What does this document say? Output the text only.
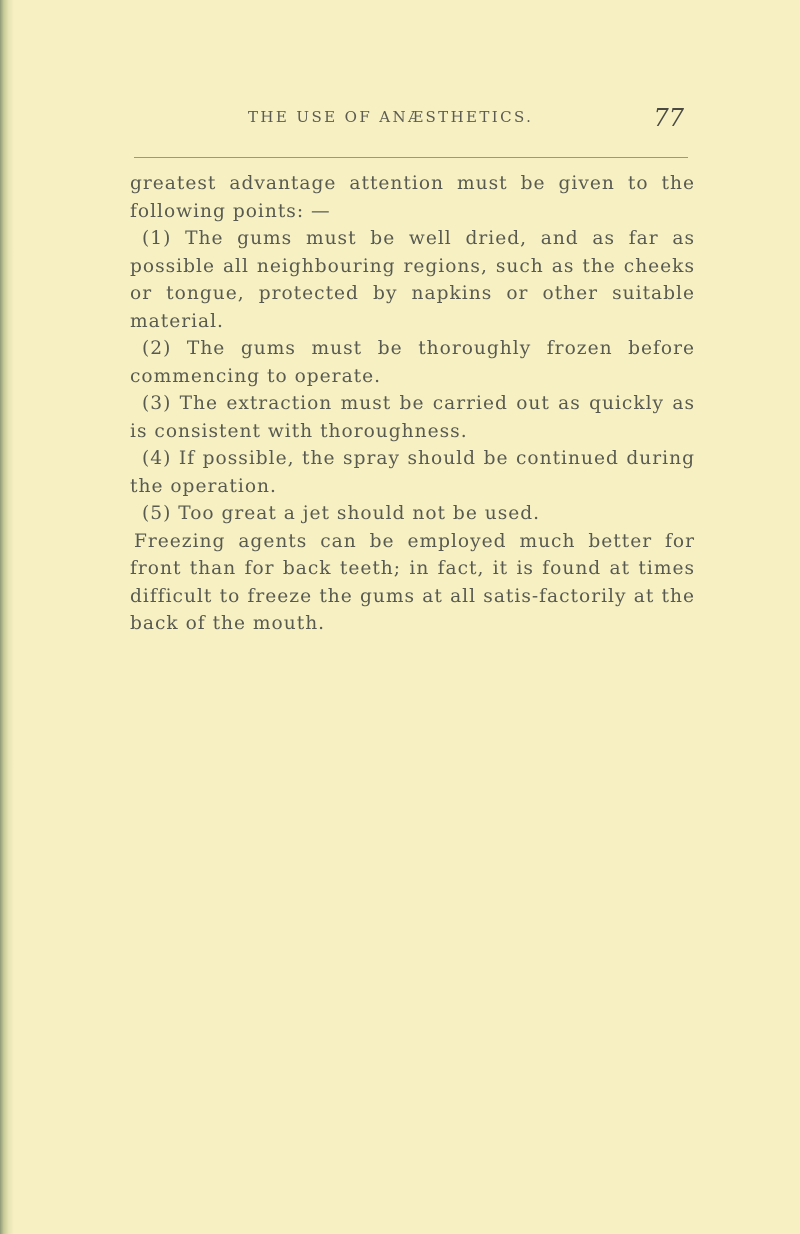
THE USE OF ANÆSTHETICS.	77

greatest advantage attention must be given to the following points: —

(1) The gums must be well dried, and as far as possible all neighbouring regions, such as the cheeks or tongue, protected by napkins or other suitable material.

(2) The gums must be thoroughly frozen before commencing to operate.

(3) The extraction must be carried out as quickly as is consistent with thoroughness.

(4) If possible, the spray should be continued during the operation.

(5) Too great a jet should not be used.

Freezing agents can be employed much better for front than for back teeth; in fact, it is found at times difficult to freeze the gums at all satis-factorily at the back of the mouth.
